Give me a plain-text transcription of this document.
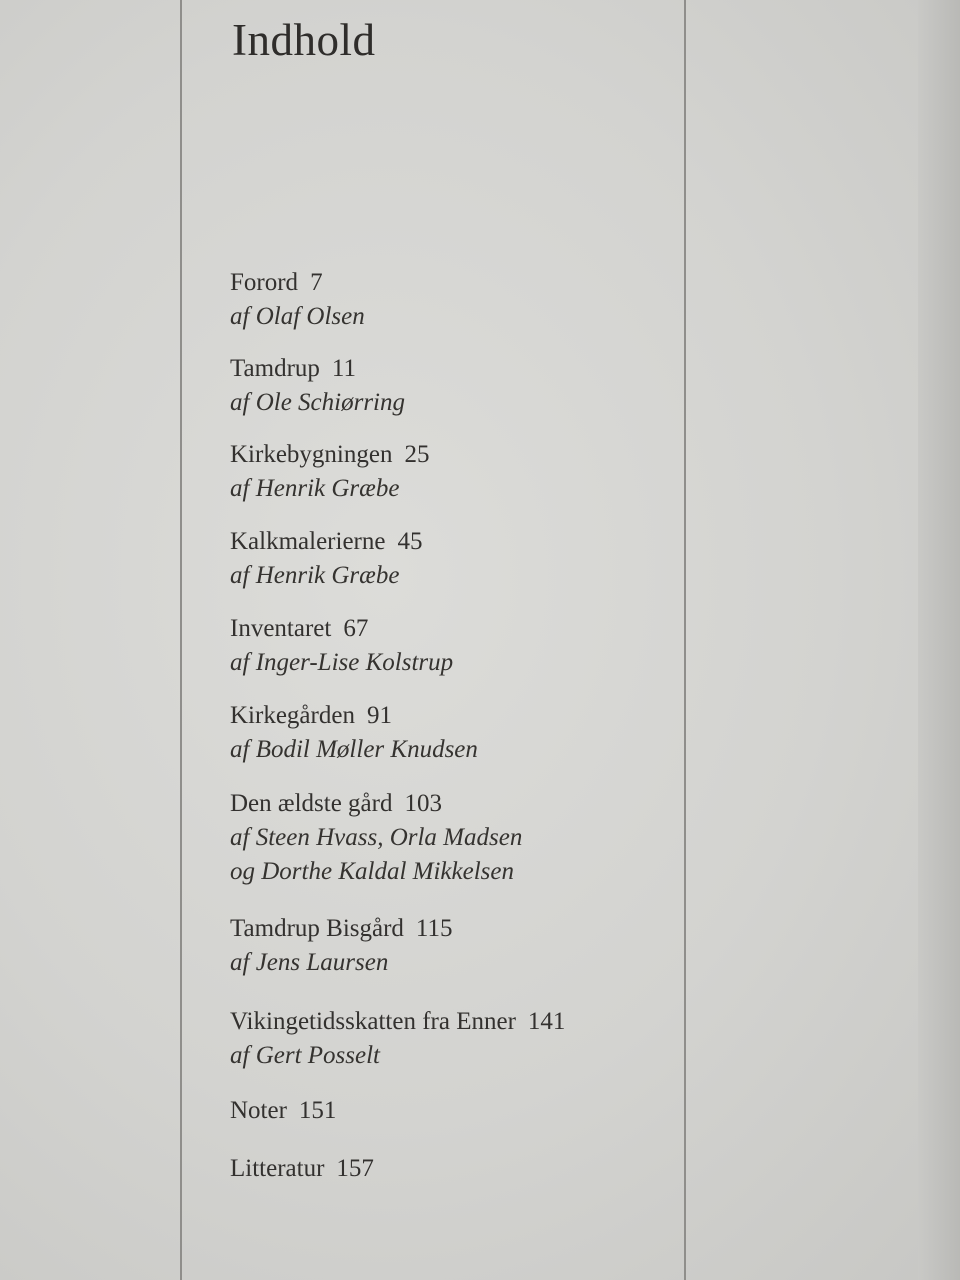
Indhold
Forord 7
af Olaf Olsen
Tamdrup 11
af Ole Schiørring
Kirkebygningen 25
af Henrik Græbe
Kalkmalerierne 45
af Henrik Græbe
Inventaret 67
af Inger-Lise Kolstrup
Kirkegården 91
af Bodil Møller Knudsen
Den ældste gård 103
af Steen Hvass, Orla Madsen
og Dorthe Kaldal Mikkelsen
Tamdrup Bisgård 115
af Jens Laursen
Vikingetidsskatten fra Enner 141
af Gert Posselt
Noter 151
Litteratur 157
